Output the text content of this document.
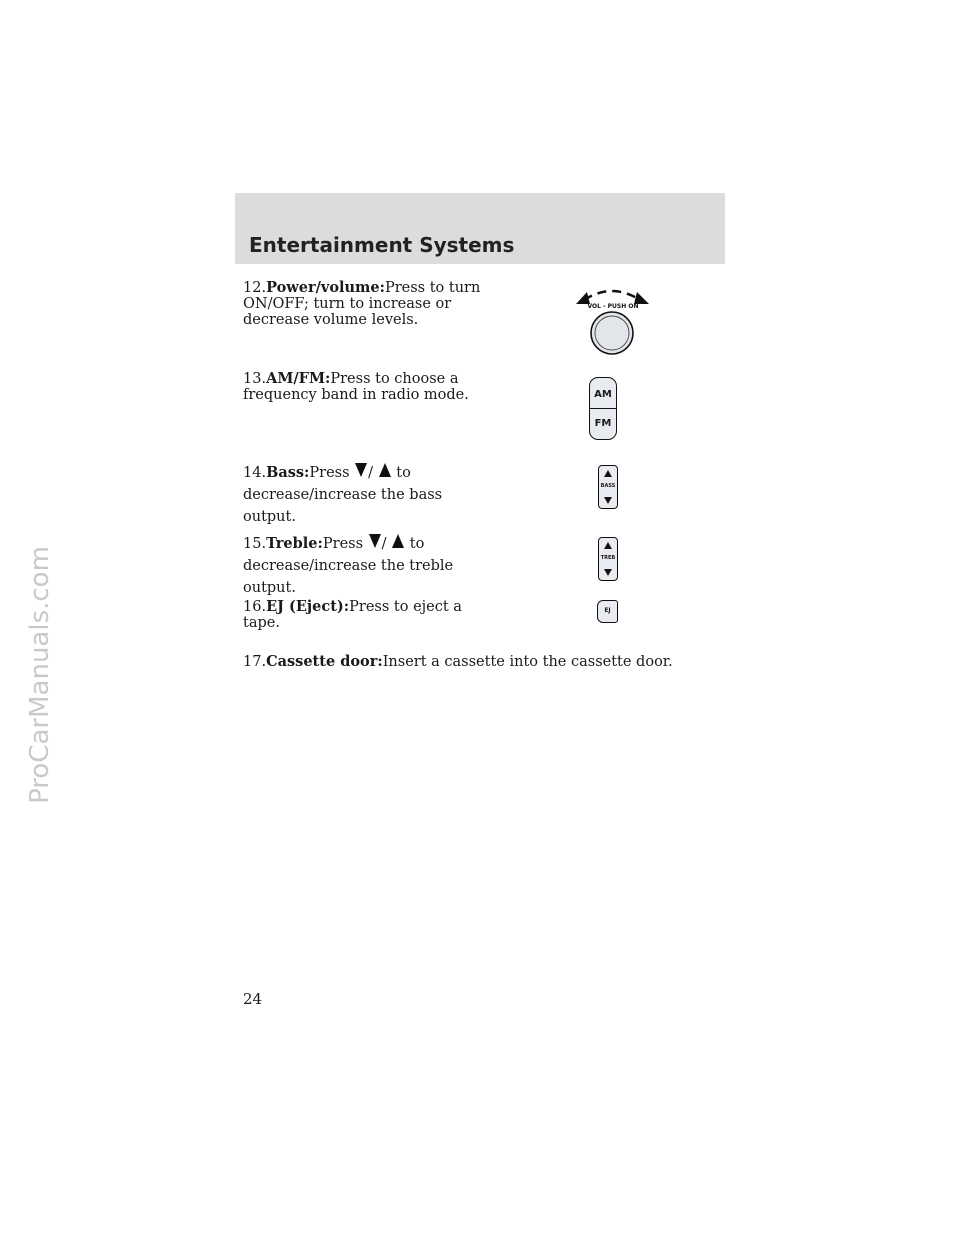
ProCarManuals.com
Entertainment Systems
12.Power/volume:Press to turn ON/OFF; turn to increase or decrease volume levels.
13.AM/FM:Press to choose a frequency band in radio mode.
14.Bass:Press / to
decrease/increase the bass output.
15.Treble:Press / to
decrease/increase the treble output.
16.EJ (Eject):Press to eject a tape.
17.Cassette door:Insert a cassette into the cassette door.
VOL - PUSH ON
AM
FM
BASS
TREB
EJ
24
